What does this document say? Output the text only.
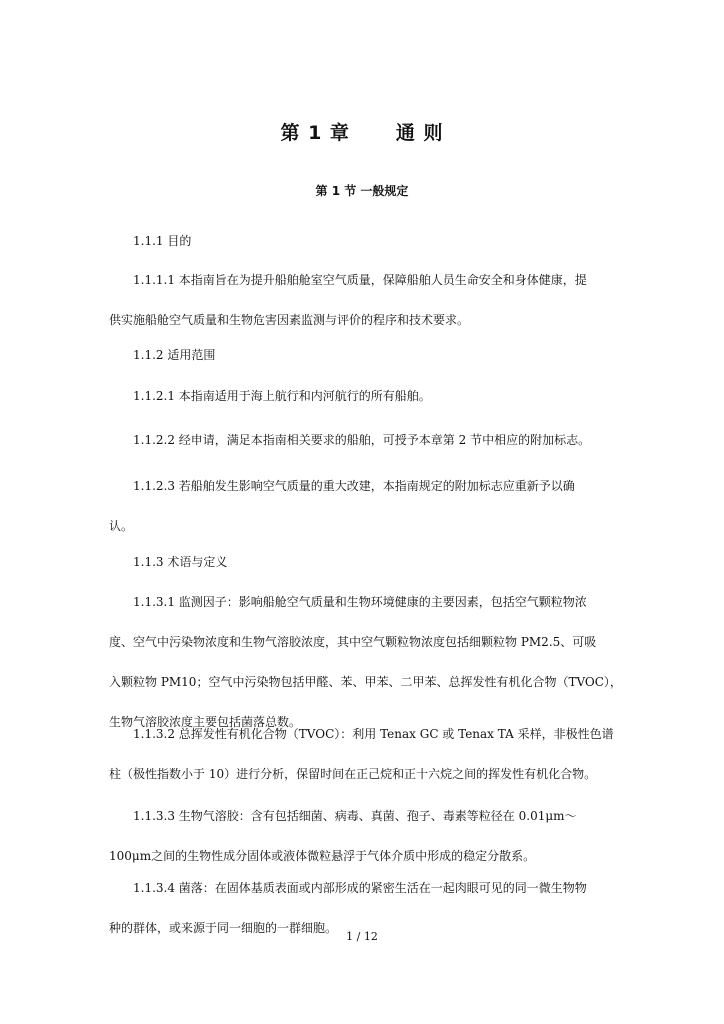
第 1 章 通 则
第 1 节 一般规定
1.1.1 目的
1.1.1.1 本指南旨在为提升船舶舱室空气质量，保障船舶人员生命安全和身体健康，提
供实施船舱空气质量和生物危害因素监测与评价的程序和技术要求。
1.1.2 适用范围
1.1.2.1 本指南适用于海上航行和内河航行的所有船舶。
1.1.2.2 经申请，满足本指南相关要求的船舶，可授予本章第 2 节中相应的附加标志。
1.1.2.3 若船舶发生影响空气质量的重大改建，本指南规定的附加标志应重新予以确
认。
1.1.3 术语与定义
1.1.3.1 监测因子：影响船舱空气质量和生物环境健康的主要因素，包括空气颗粒物浓
度、空气中污染物浓度和生物气溶胶浓度，其中空气颗粒物浓度包括细颗粒物 PM2.5、可吸
入颗粒物 PM10；空气中污染物包括甲醛、苯、甲苯、二甲苯、总挥发性有机化合物（TVOC），
生物气溶胶浓度主要包括菌落总数。
1.1.3.2 总挥发性有机化合物（TVOC）：利用 Tenax GC 或 Tenax TA 采样，非极性色谱
柱（极性指数小于 10）进行分析，保留时间在正己烷和正十六烷之间的挥发性有机化合物。
1.1.3.3 生物气溶胶：含有包括细菌、病毒、真菌、孢子、毒素等粒径在 0.01μm～
100μm之间的生物性成分固体或液体微粒悬浮于气体介质中形成的稳定分散系。
1.1.3.4 菌落：在固体基质表面或内部形成的紧密生活在一起肉眼可见的同一微生物物
种的群体，或来源于同一细胞的一群细胞。
1 / 12
